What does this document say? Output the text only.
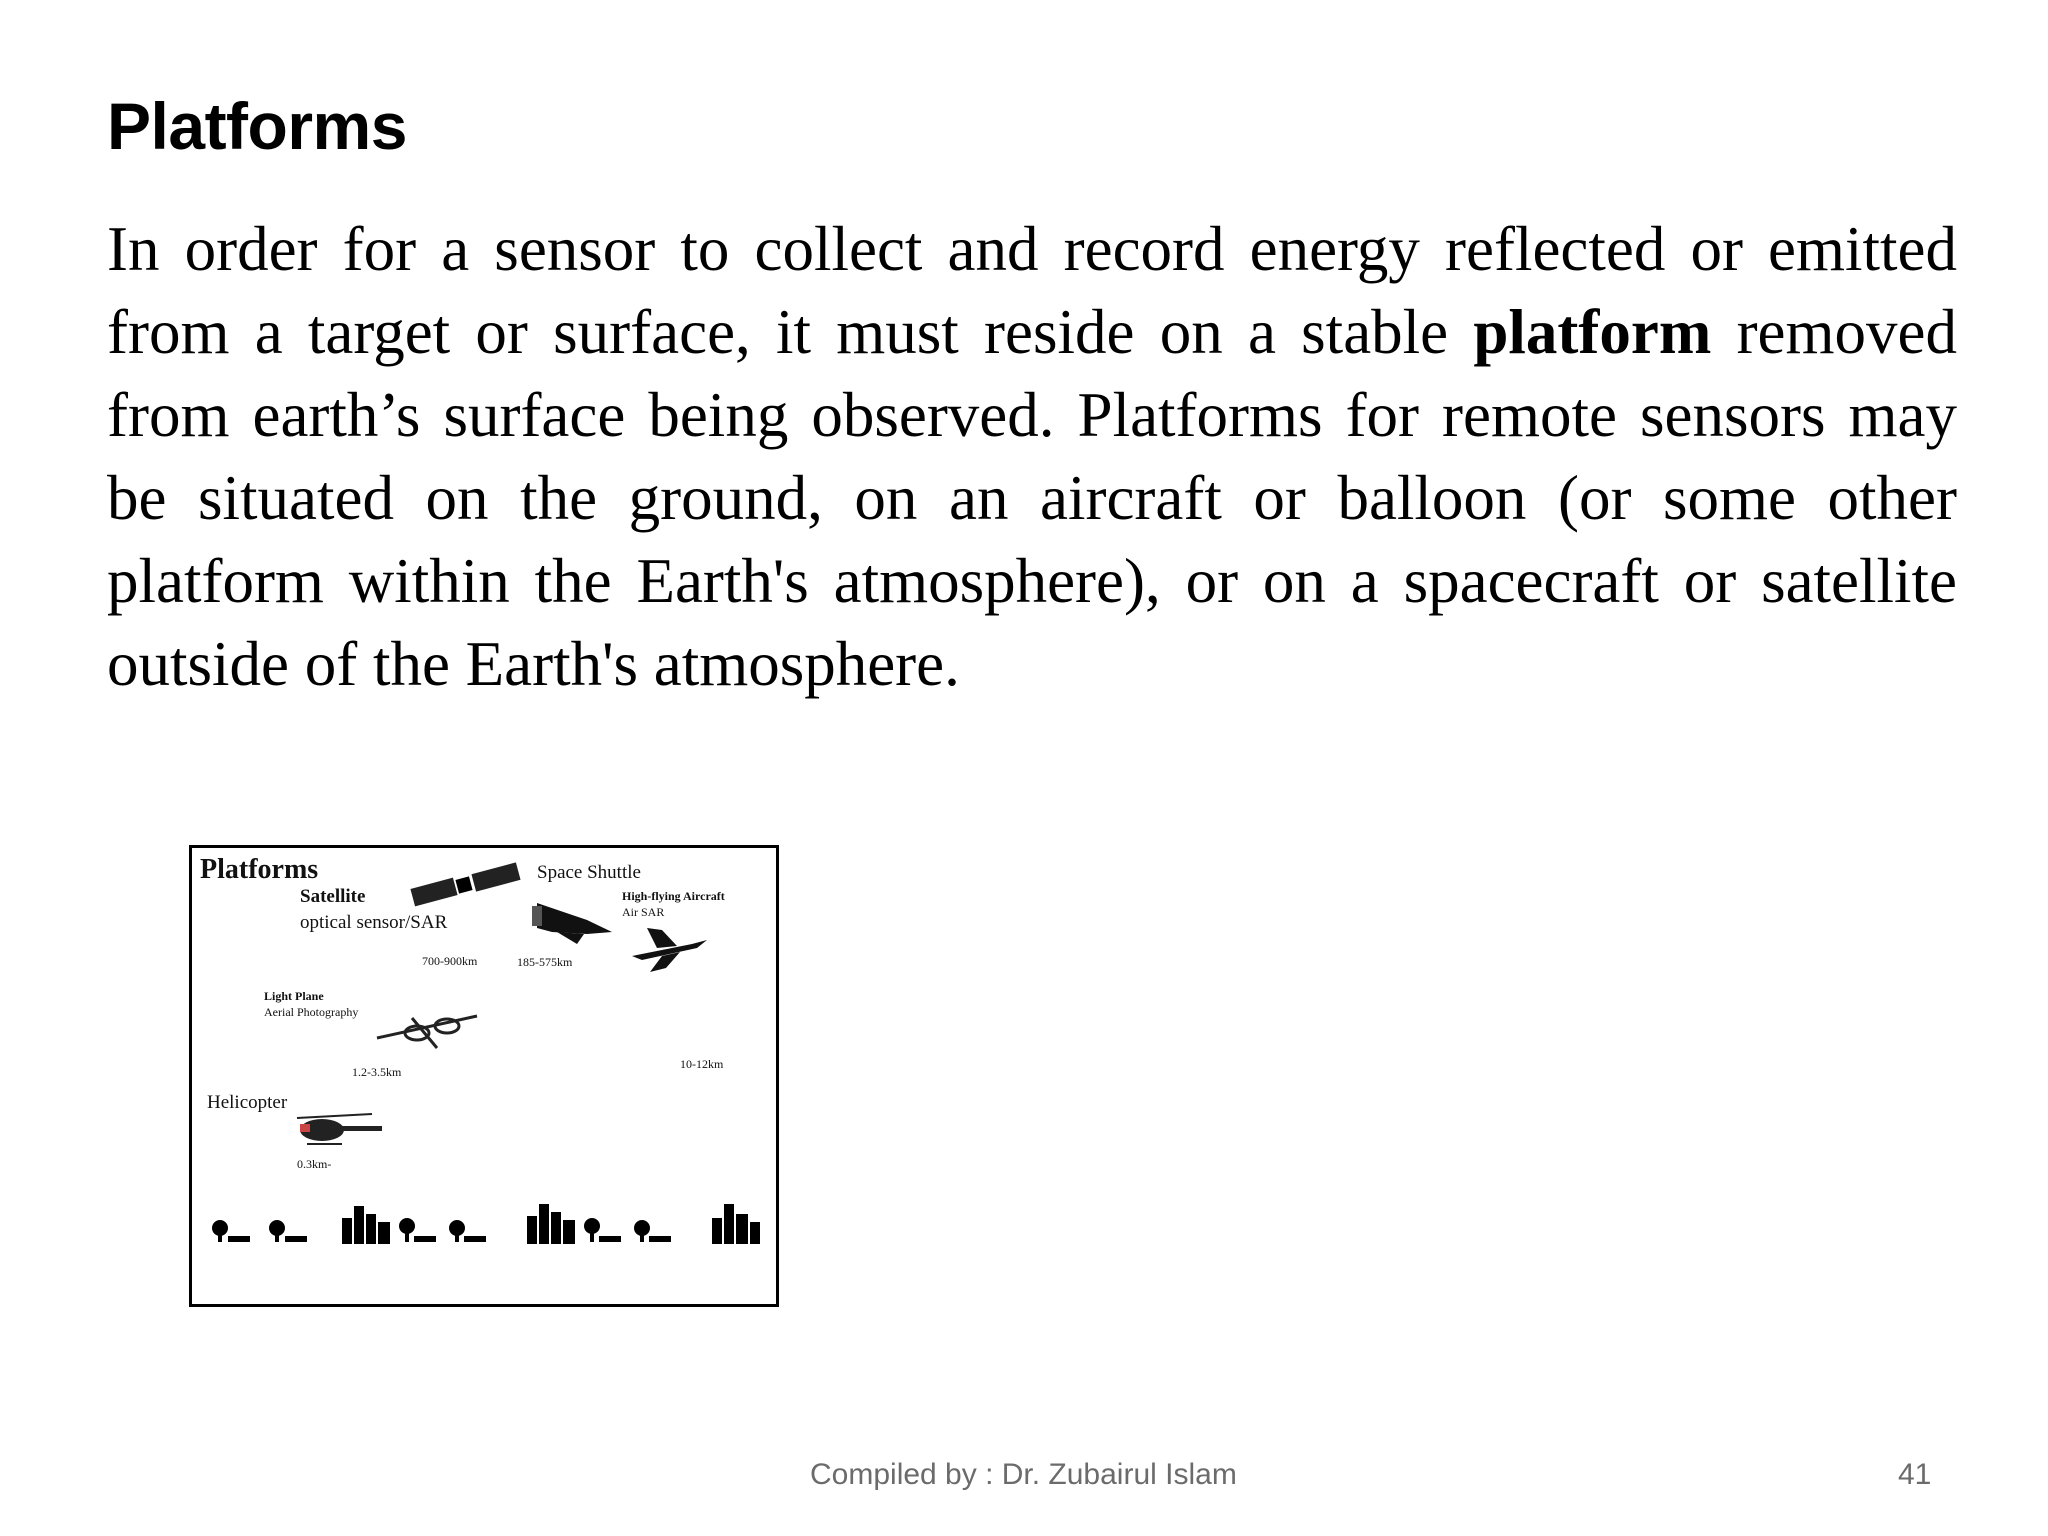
Platforms

In order for a sensor to collect and record energy reflected or emitted from a target or surface, it must reside on a stable platform removed from earth’s surface being observed. Platforms for remote sensors may be situated on the ground, on an aircraft or balloon (or some other platform within the Earth's atmosphere), or on a spacecraft or satellite outside of the Earth's atmosphere.

Platforms
Satellite
optical sensor/SAR
700-900km
Space Shuttle
185-575km
High-flying Aircraft
Air SAR
10-12km
Light Plane
Aerial Photography
1.2-3.5km
Helicopter
0.3km-
Compiled by : Dr. Zubairul Islam	41
